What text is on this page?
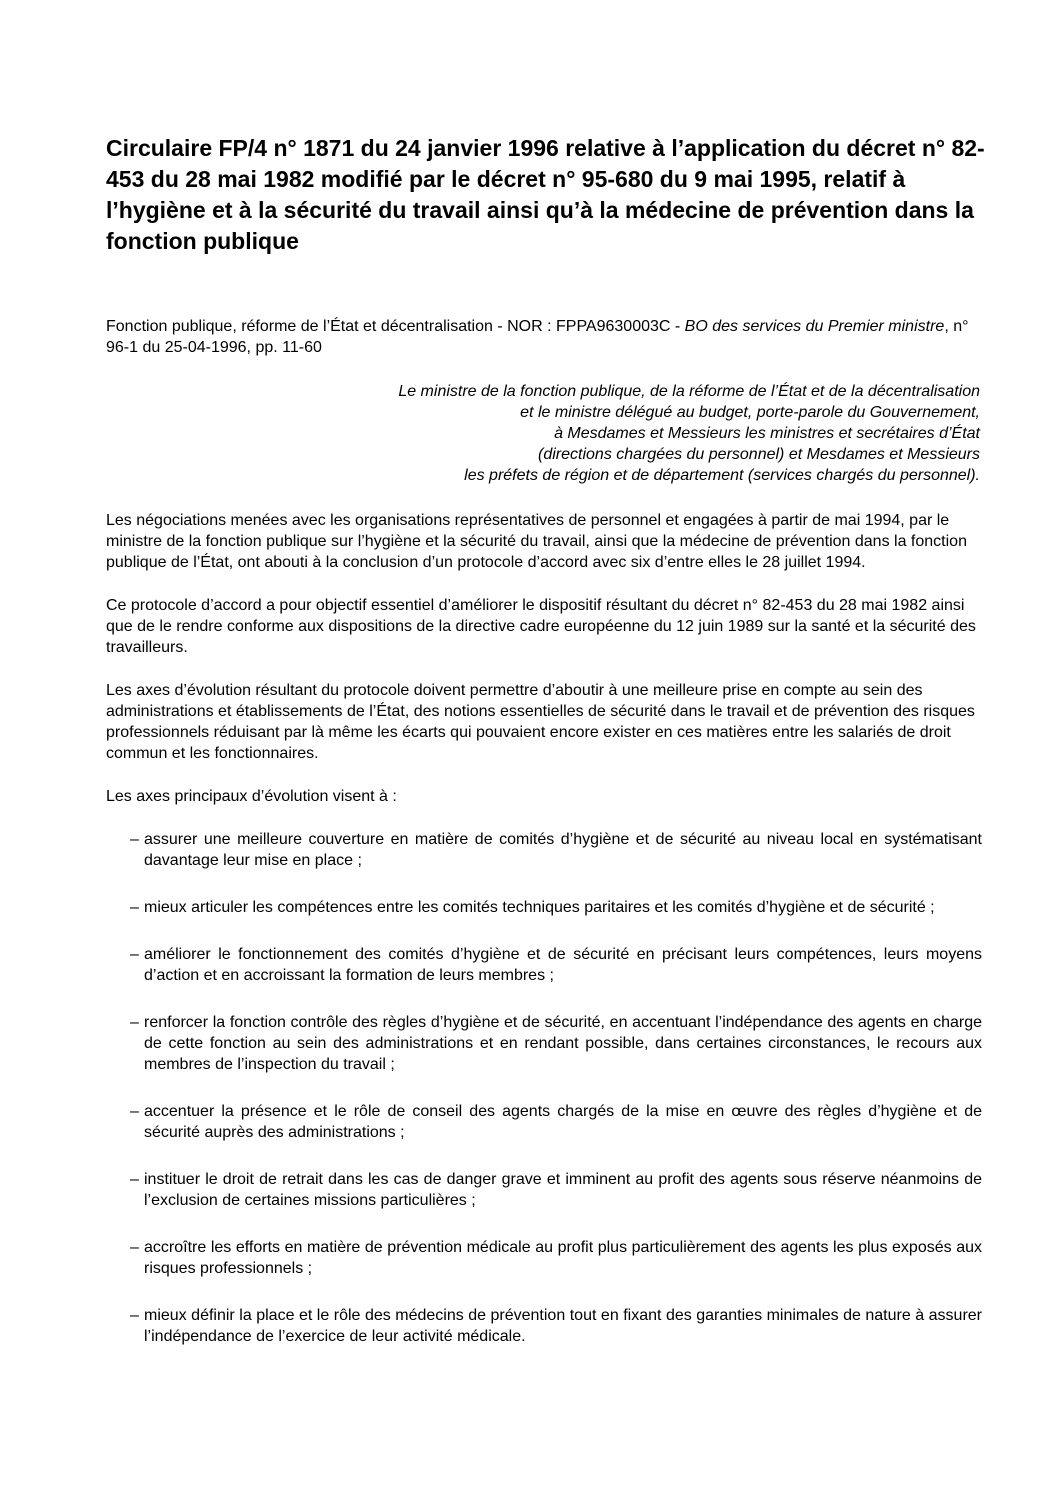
Circulaire FP/4 n° 1871 du 24 janvier 1996 relative à l’application du décret n° 82-453 du 28 mai 1982 modifié par le décret n° 95-680 du 9 mai 1995, relatif à l’hygiène et à la sécurité du travail ainsi qu’à la médecine de prévention dans la fonction publique

Fonction publique, réforme de l’État et décentralisation - NOR : FPPA9630003C - BO des services du Premier ministre, n° 96-1 du 25-04-1996, pp. 11-60

Le ministre de la fonction publique, de la réforme de l’État et de la décentralisation
et le ministre délégué au budget, porte-parole du Gouvernement,
à Mesdames et Messieurs les ministres et secrétaires d’État
(directions chargées du personnel) et Mesdames et Messieurs
les préfets de région et de département (services chargés du personnel).

Les négociations menées avec les organisations représentatives de personnel et engagées à partir de mai 1994, par le ministre de la fonction publique sur l’hygiène et la sécurité du travail, ainsi que la médecine de prévention dans la fonction publique de l’État, ont abouti à la conclusion d’un protocole d’accord avec six d’entre elles le 28 juillet 1994.

Ce protocole d’accord a pour objectif essentiel d’améliorer le dispositif résultant du décret n° 82-453 du 28 mai 1982 ainsi que de le rendre conforme aux dispositions de la directive cadre européenne du 12 juin 1989 sur la santé et la sécurité des travailleurs.

Les axes d’évolution résultant du protocole doivent permettre d’aboutir à une meilleure prise en compte au sein des administrations et établissements de l’État, des notions essentielles de sécurité dans le travail et de prévention des risques professionnels réduisant par là même les écarts qui pouvaient encore exister en ces matières entre les salariés de droit commun et les fonctionnaires.

Les axes principaux d’évolution visent à :

– assurer une meilleure couverture en matière de comités d’hygiène et de sécurité au niveau local en systématisant davantage leur mise en place ;
– mieux articuler les compétences entre les comités techniques paritaires et les comités d’hygiène et de sécurité ;
– améliorer le fonctionnement des comités d’hygiène et de sécurité en précisant leurs compétences, leurs moyens d’action et en accroissant la formation de leurs membres ;
– renforcer la fonction contrôle des règles d’hygiène et de sécurité, en accentuant l’indépendance des agents en charge de cette fonction au sein des administrations et en rendant possible, dans certaines circonstances, le recours aux membres de l’inspection du travail ;
– accentuer la présence et le rôle de conseil des agents chargés de la mise en œuvre des règles d’hygiène et de sécurité auprès des administrations ;
– instituer le droit de retrait dans les cas de danger grave et imminent au profit des agents sous réserve néanmoins de l’exclusion de certaines missions particulières ;
– accroître les efforts en matière de prévention médicale au profit plus particulièrement des agents les plus exposés aux risques professionnels ;
– mieux définir la place et le rôle des médecins de prévention tout en fixant des garanties minimales de nature à assurer l’indépendance de l’exercice de leur activité médicale.
